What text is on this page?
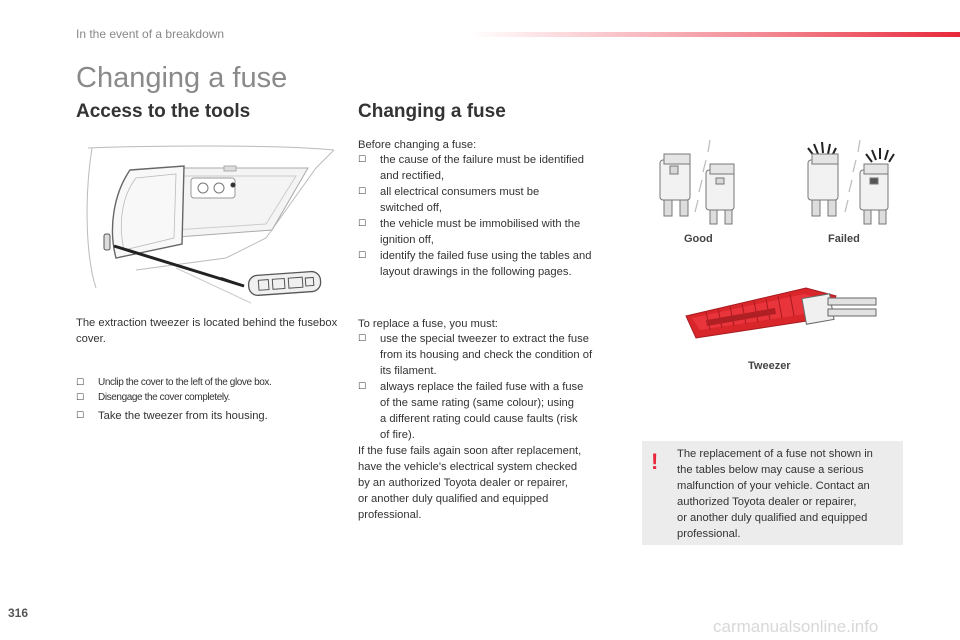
In the event of a breakdown
Changing a fuse
Access to the tools

The extraction tweezer is located behind the fusebox cover.

☐ Unclip the cover to the left of the glove box.

☐ Disengage the cover completely.

☐ Take the tweezer from its housing.

Changing a fuse

Before changing a fuse:

☐ the cause of the failure must be identified
and rectified,

☐ all electrical consumers must be
switched off,

☐ the vehicle must be immobilised with the
ignition off,

☐ identify the failed fuse using the tables and
layout drawings in the following pages.

To replace a fuse, you must:

☐ use the special tweezer to extract the fuse
from its housing and check the condition of
its filament.

☐ always replace the failed fuse with a fuse
of the same rating (same colour); using
a different rating could cause faults (risk
of fire).

If the fuse fails again soon after replacement,
have the vehicle's electrical system checked
by an authorized Toyota dealer or repairer,
or another duly qualified and equipped
professional.

Good	Failed
Tweezer
! The replacement of a fuse not shown in
the tables below may cause a serious
malfunction of your vehicle. Contact an
authorized Toyota dealer or repairer,
or another duly qualified and equipped
professional.
316
carmanualsonline.info
